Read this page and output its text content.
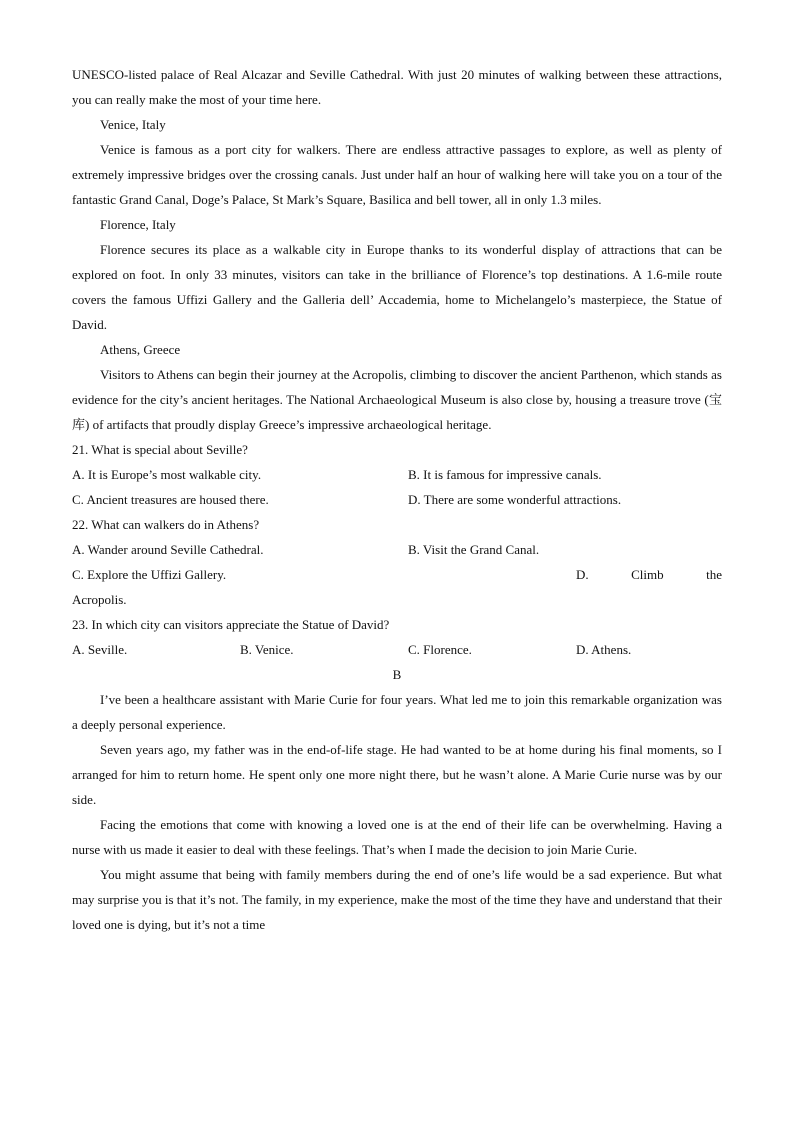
UNESCO-listed palace of Real Alcazar and Seville Cathedral. With just 20 minutes of walking between these attractions, you can really make the most of your time here.

Venice, Italy

Venice is famous as a port city for walkers. There are endless attractive passages to explore, as well as plenty of extremely impressive bridges over the crossing canals. Just under half an hour of walking here will take you on a tour of the fantastic Grand Canal, Doge’s Palace, St Mark’s Square, Basilica and bell tower, all in only 1.3 miles.

Florence, Italy

Florence secures its place as a walkable city in Europe thanks to its wonderful display of attractions that can be explored on foot. In only 33 minutes, visitors can take in the brilliance of Florence’s top destinations. A 1.6-mile route covers the famous Uffizi Gallery and the Galleria dell’ Accademia, home to Michelangelo’s masterpiece, the Statue of David.

Athens, Greece

Visitors to Athens can begin their journey at the Acropolis, climbing to discover the ancient Parthenon, which stands as evidence for the city’s ancient heritages. The National Archaeological Museum is also close by, housing a treasure trove (宝库) of artifacts that proudly display Greece’s impressive archaeological heritage.

21. What is special about Seville?

A. It is Europe’s most walkable city.	B. It is famous for impressive canals.
C. Ancient treasures are housed there.	D. There are some wonderful attractions.

22. What can walkers do in Athens?

A. Wander around Seville Cathedral.	B. Visit the Grand Canal.
C. Explore the Uffizi Gallery.	D.	Climb	the

Acropolis.

23. In which city can visitors appreciate the Statue of David?

A. Seville.	B. Venice.	C. Florence.	D. Athens.

B

I’ve been a healthcare assistant with Marie Curie for four years. What led me to join this remarkable organization was a deeply personal experience.

Seven years ago, my father was in the end-of-life stage. He had wanted to be at home during his final moments, so I arranged for him to return home. He spent only one more night there, but he wasn’t alone. A Marie Curie nurse was by our side.

Facing the emotions that come with knowing a loved one is at the end of their life can be overwhelming. Having a nurse with us made it easier to deal with these feelings. That’s when I made the decision to join Marie Curie.

You might assume that being with family members during the end of one’s life would be a sad experience. But what may surprise you is that it’s not. The family, in my experience, make the most of the time they have and understand that their loved one is dying, but it’s not a time
